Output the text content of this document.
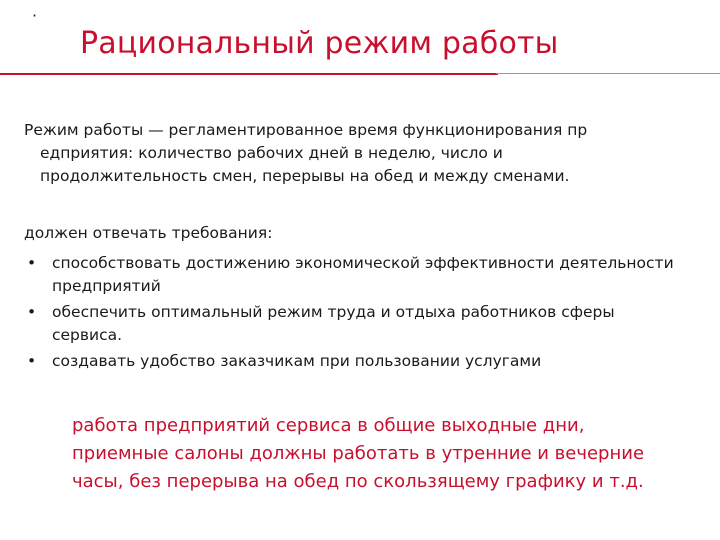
·
Рациональный режим работы
Режим работы — регламентированное время функционирования пр
едприятия: количество рабочих дней в неделю, число и
продолжительность смен, перерывы на обед и между сменами.
должен отвечать требования:
• способствовать достижению экономической эффективности деятельности
предприятий
• обеспечить оптимальный режим труда и отдыха работников сферы
сервиса.
• создавать удобство заказчикам при пользовании услугами
работа предприятий сервиса в общие выходные дни,
приемные салоны должны работать в утренние и вечерние
часы, без перерыва на обед по скользящему графику и т.д.
